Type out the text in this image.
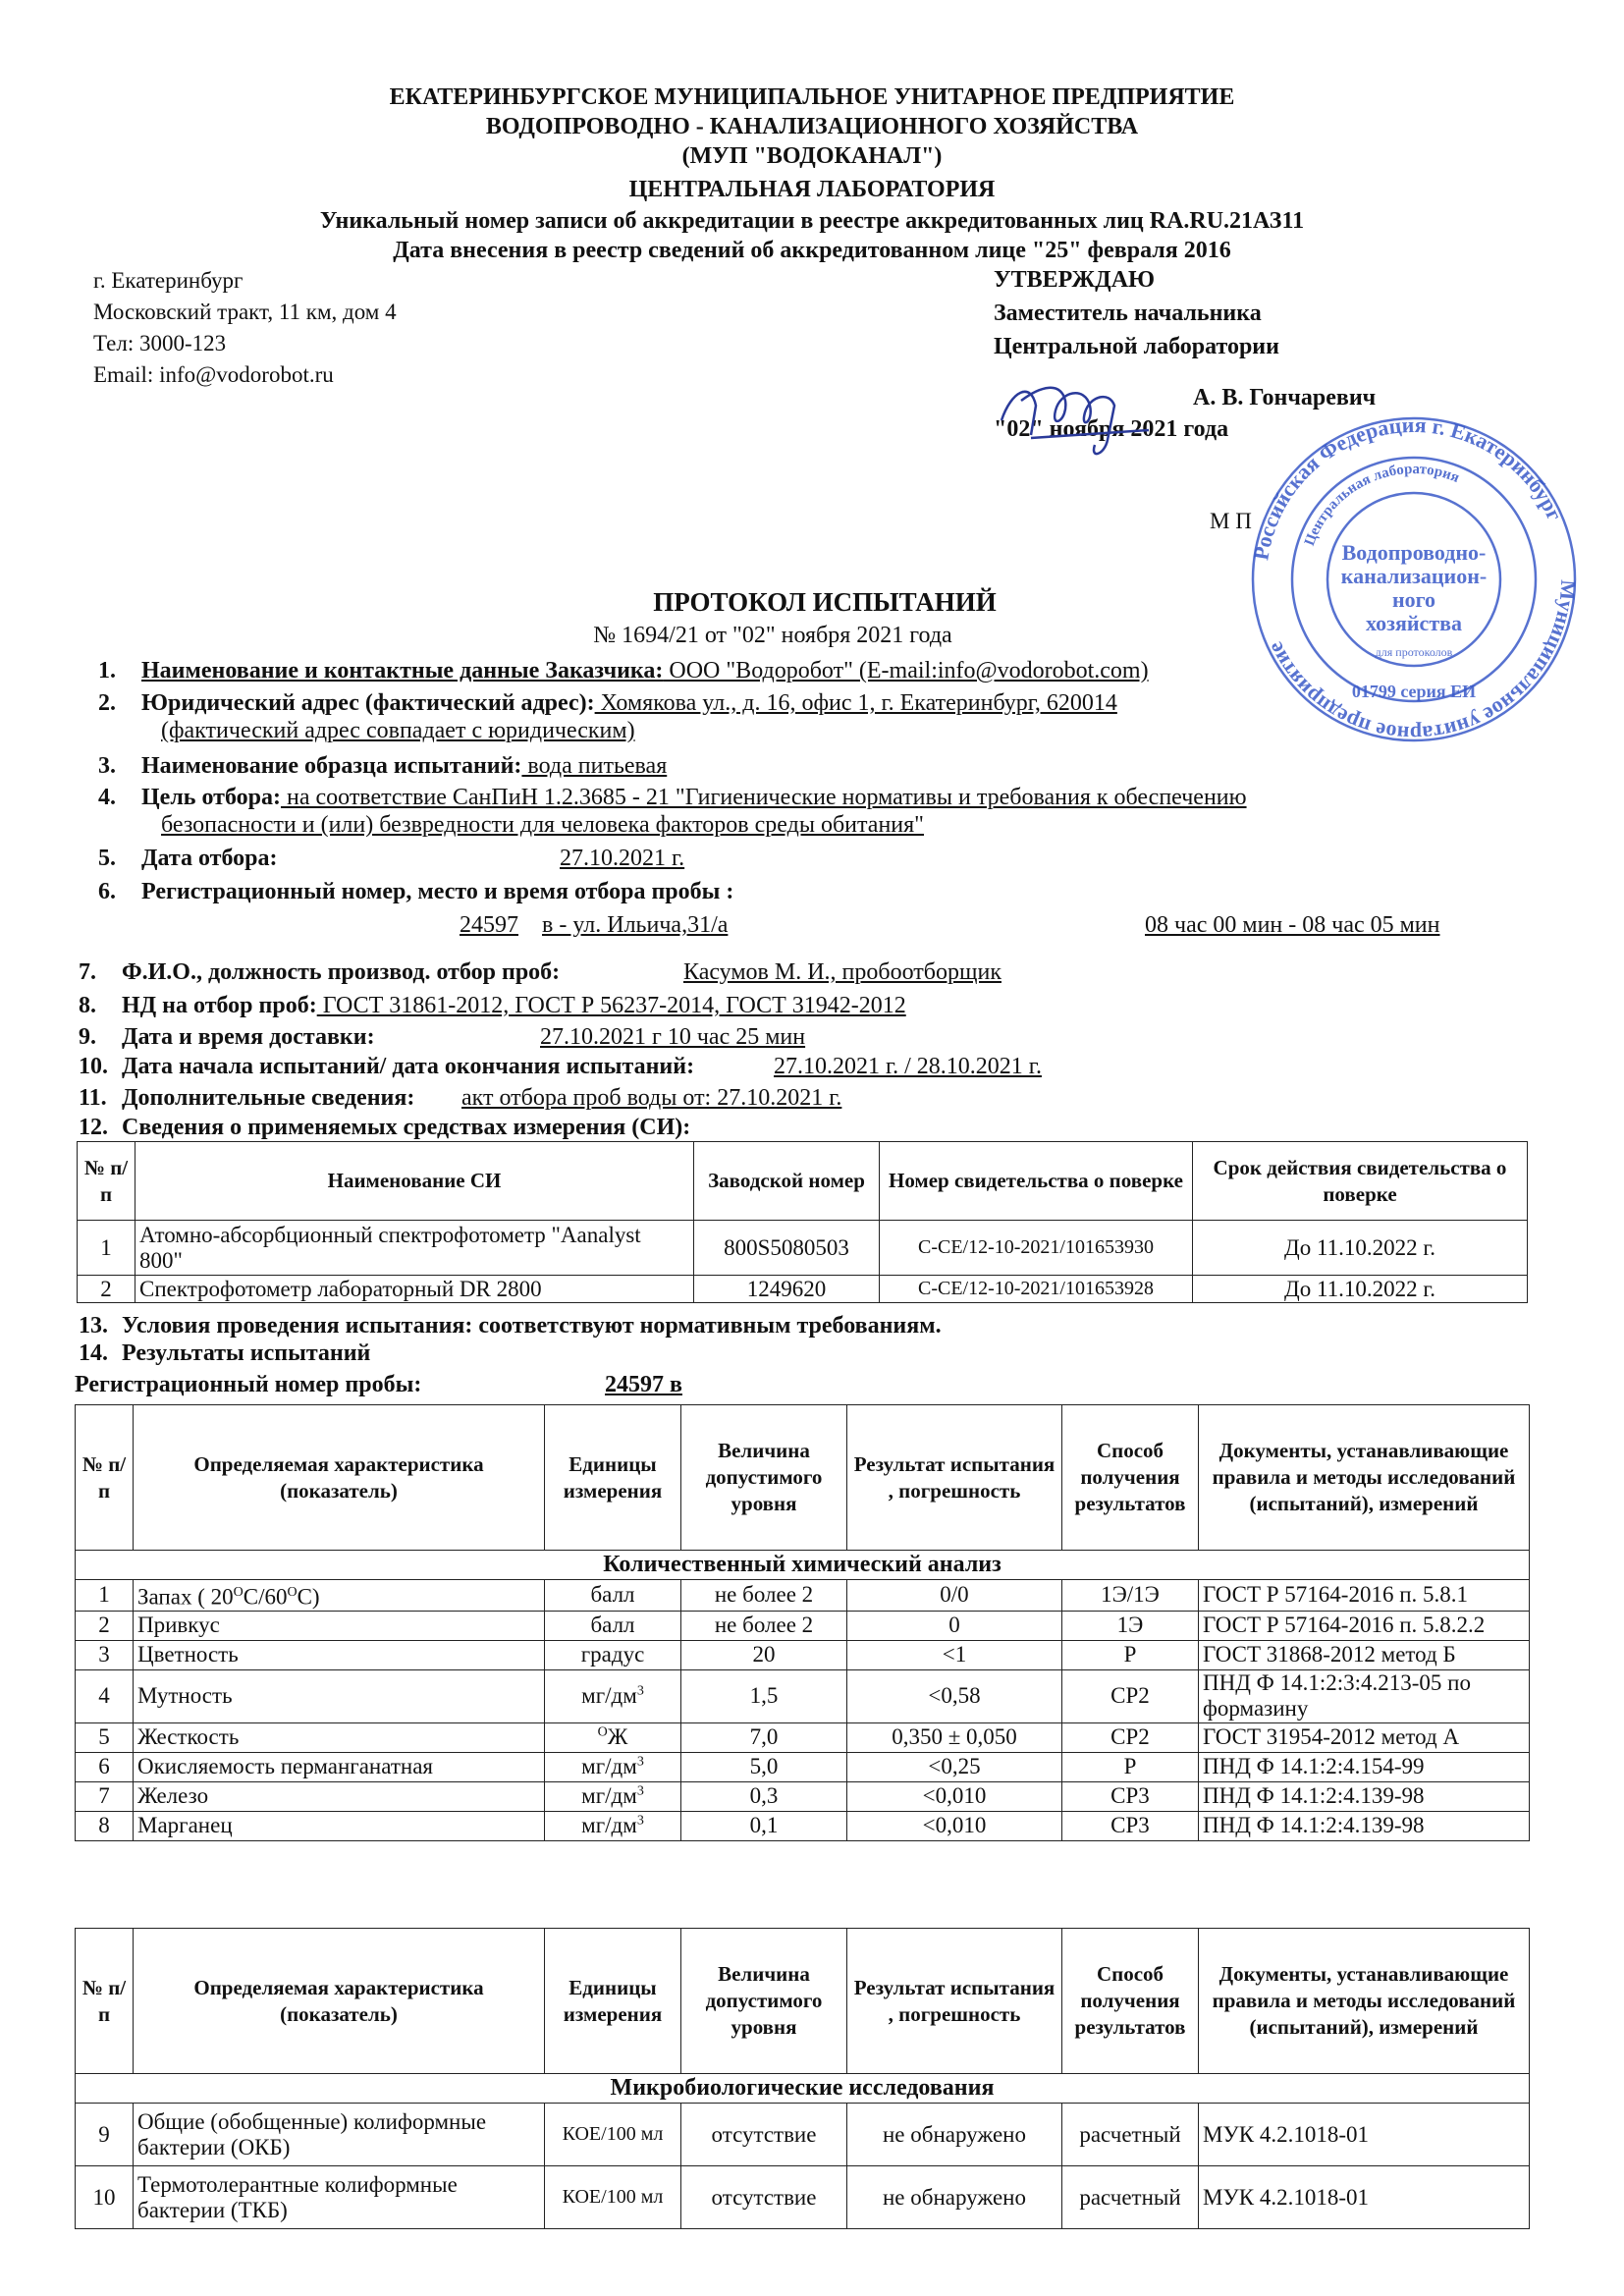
ЕКАТЕРИНБУРГСКОЕ МУНИЦИПАЛЬНОЕ УНИТАРНОЕ ПРЕДПРИЯТИЕ
ВОДОПРОВОДНО - КАНАЛИЗАЦИОННОГО ХОЗЯЙСТВА
(МУП "ВОДОКАНАЛ")
ЦЕНТРАЛЬНАЯ ЛАБОРАТОРИЯ
Уникальный номер записи об аккредитации в реестре аккредитованных лиц RA.RU.21АЗ11
Дата внесения в реестр сведений об аккредитованном лице "25" февраля 2016
г. Екатеринбург
Московский тракт, 11 км, дом 4
Тел: 3000-123
Email: info@vodorobot.ru
УТВЕРЖДАЮ
Заместитель начальника
Центральной лаборатории
А. В. Гончаревич
"02" ноября 2021 года
М П
Российская Федерация г. Екатеринбург
Муниципальное унитарное предприятие
Центральная лаборатория
Водопроводно-
канализацион-
ного
хозяйства
для протоколов
01799 серия ЕИ
ПРОТОКОЛ ИСПЫТАНИЙ
№ 1694/21 от "02" ноября 2021 года
1. Наименование и контактные данные Заказчика: ООО "Водоробот" (E-mail:info@vodorobot.com)
2. Юридический адрес (фактический адрес): Хомякова ул., д. 16, офис 1, г. Екатеринбург, 620014
(фактический адрес совпадает с юридическим)
3. Наименование образца испытаний: вода питьевая
4. Цель отбора: на соответствие СанПиН 1.2.3685 - 21 "Гигиенические нормативы и требования к обеспечению
безопасности и (или) безвредности для человека факторов среды обитания"
5. Дата отбора:	27.10.2021 г.
6. Регистрационный номер, место и время отбора пробы :
24597 в - ул. Ильича,31/а	08 час 00 мин - 08 час 05 мин
7. Ф.И.О., должность производ. отбор проб:	Касумов М. И., пробоотборщик
8. НД на отбор проб: ГОСТ 31861-2012, ГОСТ Р 56237-2014, ГОСТ 31942-2012
9. Дата и время доставки:	27.10.2021 г 10 час 25 мин
10. Дата начала испытаний/ дата окончания испытаний:	27.10.2021 г. / 28.10.2021 г.
11. Дополнительные сведения: акт отбора проб воды от: 27.10.2021 г.
12. Сведения о применяемых средствах измерения (СИ):
№ п/п	Наименование СИ	Заводской номер	Номер свидетельства о поверке	Срок действия свидетельства о поверке
1	Атомно-абсорбционный спектрофотометр "Aanalyst 800"	800S5080503	С-СЕ/12-10-2021/101653930	До 11.10.2022 г.
2	Спектрофотометр лабораторный DR 2800	1249620	С-СЕ/12-10-2021/101653928	До 11.10.2022 г.
13. Условия проведения испытания: соответствуют нормативным требованиям.
14. Результаты испытаний
Регистрационный номер пробы:	24597 в
№ п/п	Определяемая характеристика (показатель)	Единицы измерения	Величина допустимого уровня	Результат испытания , погрешность	Способ получения результатов	Документы, устанавливающие правила и методы исследований (испытаний), измерений
Количественный химический анализ						
1	Запах ( $20^ОС/60^ОС$)	балл	не более 2	0/0	1Э/1Э	ГОСТ Р 57164-2016 п. 5.8.1
2	Привкус	балл	не более 2	0	1Э	ГОСТ Р 57164-2016 п. 5.8.2.2
3	Цветность	градус	20	<1	Р	ГОСТ 31868-2012 метод Б
4	Мутность	$мг/дм^3$	1,5	<0,58	СР2	ПНД Ф 14.1:2:3:4.213-05 по формазину
5	Жесткость	$^О$Ж	7,0	0,350 ± 0,050	СР2	ГОСТ 31954-2012 метод А
6	Окисляемость перманганатная	$мг/дм^3$	5,0	<0,25	Р	ПНД Ф 14.1:2:4.154-99
7	Железо	$мг/дм^3$	0,3	<0,010	СР3	ПНД Ф 14.1:2:4.139-98
8	Марганец	$мг/дм^3$	0,1	<0,010	СР3	ПНД Ф 14.1:2:4.139-98
№ п/п	Определяемая характеристика (показатель)	Единицы измерения	Величина допустимого уровня	Результат испытания , погрешность	Способ получения результатов	Документы, устанавливающие правила и методы исследований (испытаний), измерений
Микробиологические исследования						
9	Общие (обобщенные) колиформные бактерии (ОКБ)	КОЕ/100 мл	отсутствие	не обнаружено	расчетный	МУК 4.2.1018-01
10	Термотолерантные колиформные бактерии (ТКБ)	КОЕ/100 мл	отсутствие	не обнаружено	расчетный	МУК 4.2.1018-01
